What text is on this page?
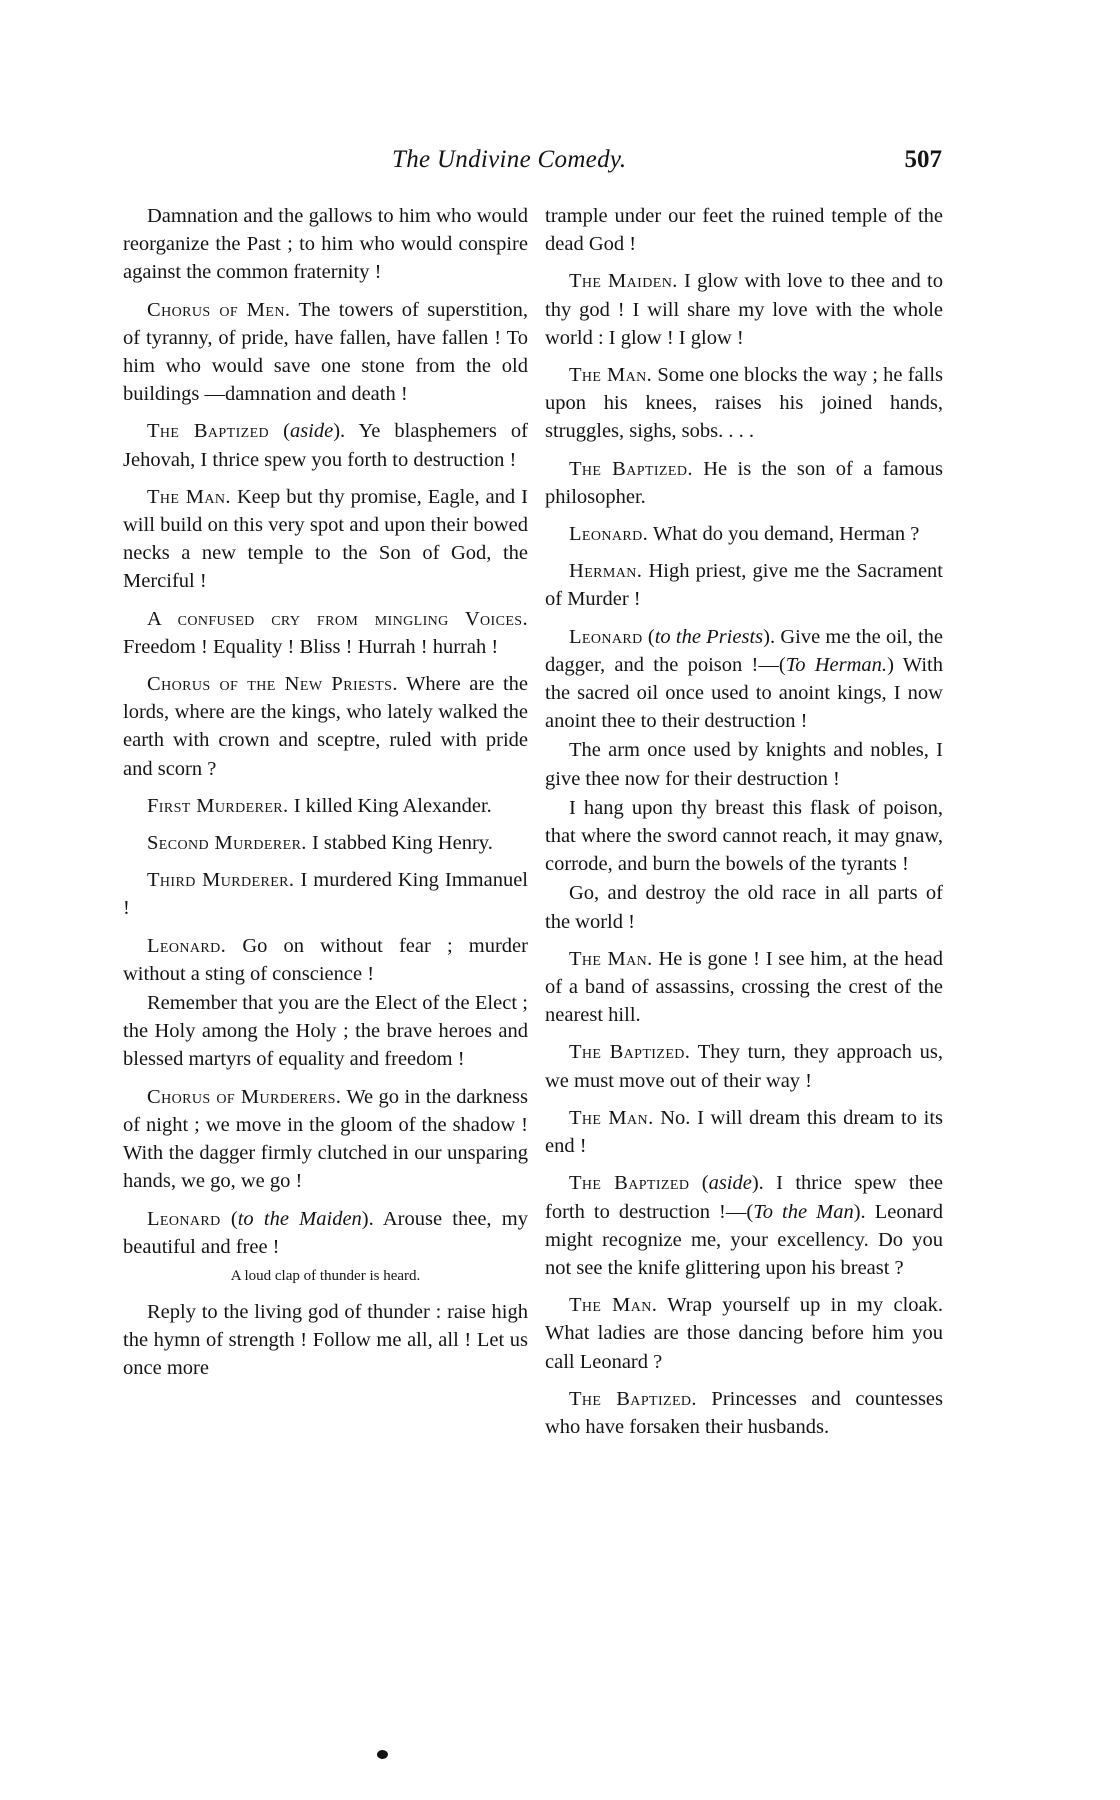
The Undivine Comedy.	507

Damnation and the gallows to him who would reorganize the Past ; to him who would conspire against the common fraternity !

Chorus of Men. The towers of superstition, of tyranny, of pride, have fallen, have fallen ! To him who would save one stone from the old buildings —damnation and death !

The Baptized (aside). Ye blasphemers of Jehovah, I thrice spew you forth to destruction !

The Man. Keep but thy promise, Eagle, and I will build on this very spot and upon their bowed necks a new temple to the Son of God, the Merciful !

A confused cry from mingling Voices. Freedom ! Equality ! Bliss ! Hurrah ! hurrah !

Chorus of the New Priests. Where are the lords, where are the kings, who lately walked the earth with crown and sceptre, ruled with pride and scorn ?

First Murderer. I killed King Alexander.

Second Murderer. I stabbed King Henry.

Third Murderer. I murdered King Immanuel !

Leonard. Go on without fear ; murder without a sting of conscience !

Remember that you are the Elect of the Elect ; the Holy among the Holy ; the brave heroes and blessed martyrs of equality and freedom !

Chorus of Murderers. We go in the darkness of night ; we move in the gloom of the shadow ! With the dagger firmly clutched in our unsparing hands, we go, we go !

Leonard (to the Maiden). Arouse thee, my beautiful and free !

A loud clap of thunder is heard.

Reply to the living god of thunder : raise high the hymn of strength ! Follow me all, all ! Let us once more

trample under our feet the ruined temple of the dead God !

The Maiden. I glow with love to thee and to thy god ! I will share my love with the whole world : I glow ! I glow !

The Man. Some one blocks the way ; he falls upon his knees, raises his joined hands, struggles, sighs, sobs. . . .

The Baptized. He is the son of a famous philosopher.

Leonard. What do you demand, Herman ?

Herman. High priest, give me the Sacrament of Murder !

Leonard (to the Priests). Give me the oil, the dagger, and the poison !—(To Herman.) With the sacred oil once used to anoint kings, I now anoint thee to their destruction !

The arm once used by knights and nobles, I give thee now for their destruction !

I hang upon thy breast this flask of poison, that where the sword cannot reach, it may gnaw, corrode, and burn the bowels of the tyrants !

Go, and destroy the old race in all parts of the world !

The Man. He is gone ! I see him, at the head of a band of assassins, crossing the crest of the nearest hill.

The Baptized. They turn, they approach us, we must move out of their way !

The Man. No. I will dream this dream to its end !

The Baptized (aside). I thrice spew thee forth to destruction !—(To the Man). Leonard might recognize me, your excellency. Do you not see the knife glittering upon his breast ?

The Man. Wrap yourself up in my cloak. What ladies are those dancing before him you call Leonard ?

The Baptized. Princesses and countesses who have forsaken their husbands.
